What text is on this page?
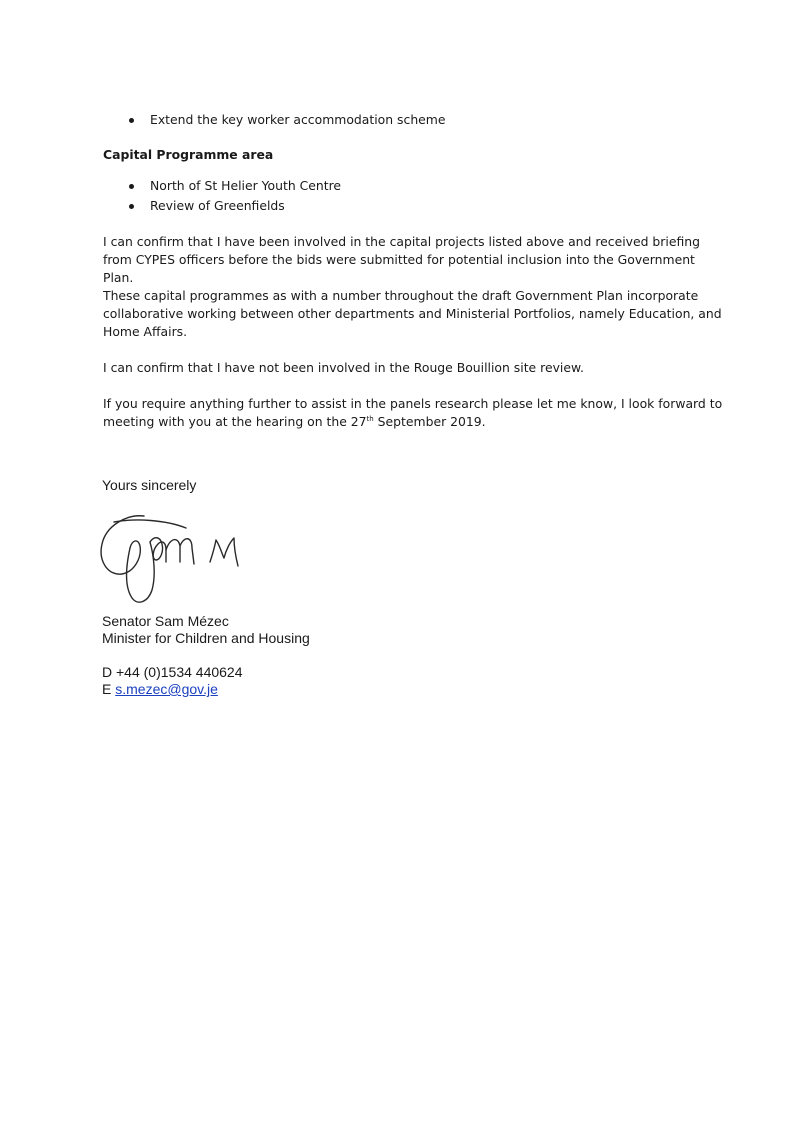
Extend the key worker accommodation scheme
Capital Programme area
North of St Helier Youth Centre
Review of Greenfields

I can confirm that I have been involved in the capital projects listed above and received briefing from CYPES officers before the bids were submitted for potential inclusion into the Government Plan.

These capital programmes as with a number throughout the draft Government Plan incorporate collaborative working between other departments and Ministerial Portfolios, namely Education, and Home Affairs.

I can confirm that I have not been involved in the Rouge Bouillion site review.

If you require anything further to assist in the panels research please let me know, I look forward to meeting with you at the hearing on the 27th September 2019.

Yours sincerely
Senator Sam Mézec
Minister for Children and Housing
D +44 (0)1534 440624
E s.mezec@gov.je
